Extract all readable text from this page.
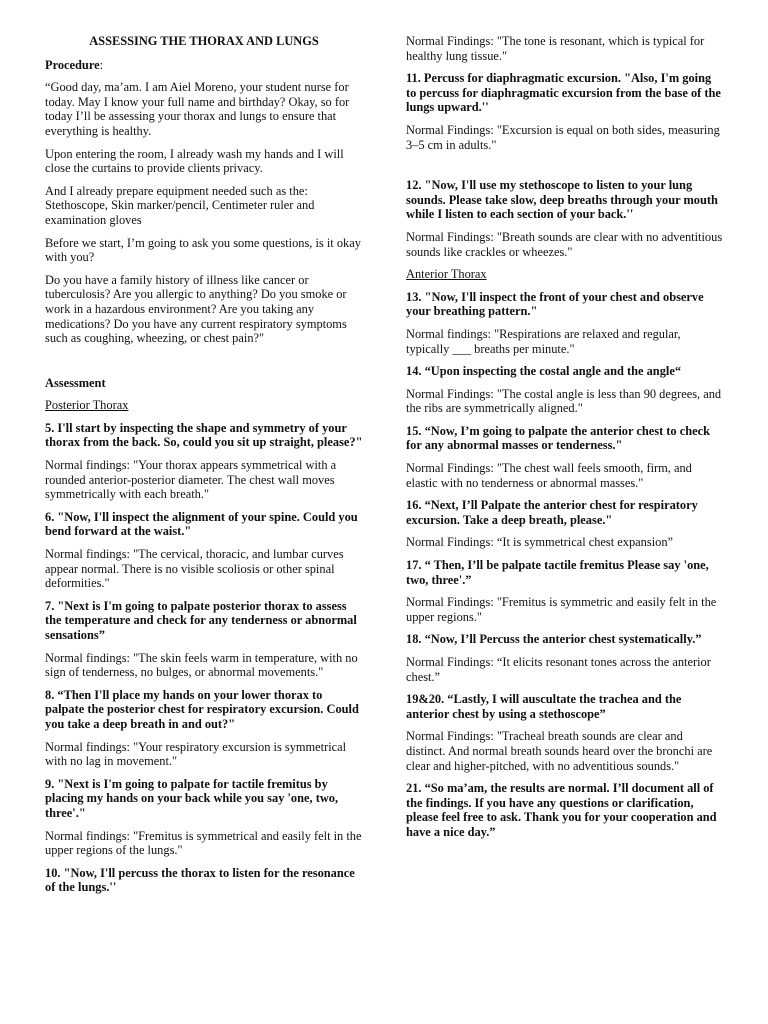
ASSESSING THE THORAX AND LUNGS

Procedure:

“Good day, ma’am. I am Aiel Moreno, your student nurse for today. May I know your full name and birthday? Okay, so for today I’ll be assessing your thorax and lungs to ensure that everything is healthy.

Upon entering the room, I already wash my hands and I will close the curtains to provide clients privacy.

And I already prepare equipment needed such as the: Stethoscope, Skin marker/pencil, Centimeter ruler and examination gloves

Before we start, I’m going to ask you some questions, is it okay with you?

Do you have a family history of illness like cancer or tuberculosis? Are you allergic to anything? Do you smoke or work in a hazardous environment? Are you taking any medications? Do you have any current respiratory symptoms such as coughing, wheezing, or chest pain?"

Assessment

Posterior Thorax

5. I'll start by inspecting the shape and symmetry of your thorax from the back. So, could you sit up straight, please?"

Normal findings: "Your thorax appears symmetrical with a rounded anterior-posterior diameter. The chest wall moves symmetrically with each breath."

6. "Now, I'll inspect the alignment of your spine. Could you bend forward at the waist."

Normal findings: "The cervical, thoracic, and lumbar curves appear normal. There is no visible scoliosis or other spinal deformities."

7. "Next is I'm going to palpate posterior thorax to assess the temperature and check for any tenderness or abnormal sensations”

Normal findings: "The skin feels warm in temperature, with no sign of tenderness, no bulges, or abnormal movements."

8. “Then I'll place my hands on your lower thorax to palpate the posterior chest for respiratory excursion. Could you take a deep breath in and out?"

Normal findings: "Your respiratory excursion is symmetrical with no lag in movement."

9. "Next is I'm going to palpate for tactile fremitus by placing my hands on your back while you say 'one, two, three'."

Normal findings: "Fremitus is symmetrical and easily felt in the upper regions of the lungs."

10. "Now, I'll percuss the thorax to listen for the resonance of the lungs.''

Normal Findings: "The tone is resonant, which is typical for healthy lung tissue."

11. Percuss for diaphragmatic excursion. "Also, I'm going to percuss for diaphragmatic excursion from the base of the lungs upward.''

Normal Findings: "Excursion is equal on both sides, measuring 3–5 cm in adults."

12. "Now, I'll use my stethoscope to listen to your lung sounds. Please take slow, deep breaths through your mouth while I listen to each section of your back.''

Normal Findings: "Breath sounds are clear with no adventitious sounds like crackles or wheezes."

Anterior Thorax

13. "Now, I'll inspect the front of your chest and observe your breathing pattern."

Normal findings: "Respirations are relaxed and regular, typically ___ breaths per minute."

14. “Upon inspecting the costal angle and the angle“

Normal Findings: "The costal angle is less than 90 degrees, and the ribs are symmetrically aligned."

15. “Now, I’m going to palpate the anterior chest to check for any abnormal masses or tenderness."

Normal Findings: "The chest wall feels smooth, firm, and elastic with no tenderness or abnormal masses."

16. “Next, I’ll Palpate the anterior chest for respiratory excursion. Take a deep breath, please."

Normal Findings: “It is symmetrical chest expansion”

17. “ Then, I’ll be palpate tactile fremitus Please say 'one, two, three'.”

Normal Findings: "Fremitus is symmetric and easily felt in the upper regions."

18. “Now, I’ll Percuss the anterior chest systematically.”

Normal Findings: “It elicits resonant tones across the anterior chest.”

19&20. “Lastly, I will auscultate the trachea and the anterior chest by using a stethoscope”

Normal Findings: "Tracheal breath sounds are clear and distinct. And normal breath sounds heard over the bronchi are clear and higher-pitched, with no adventitious sounds."

21. “So ma’am, the results are normal. I’ll document all of the findings. If you have any questions or clarification, please feel free to ask. Thank you for your cooperation and have a nice day.”
